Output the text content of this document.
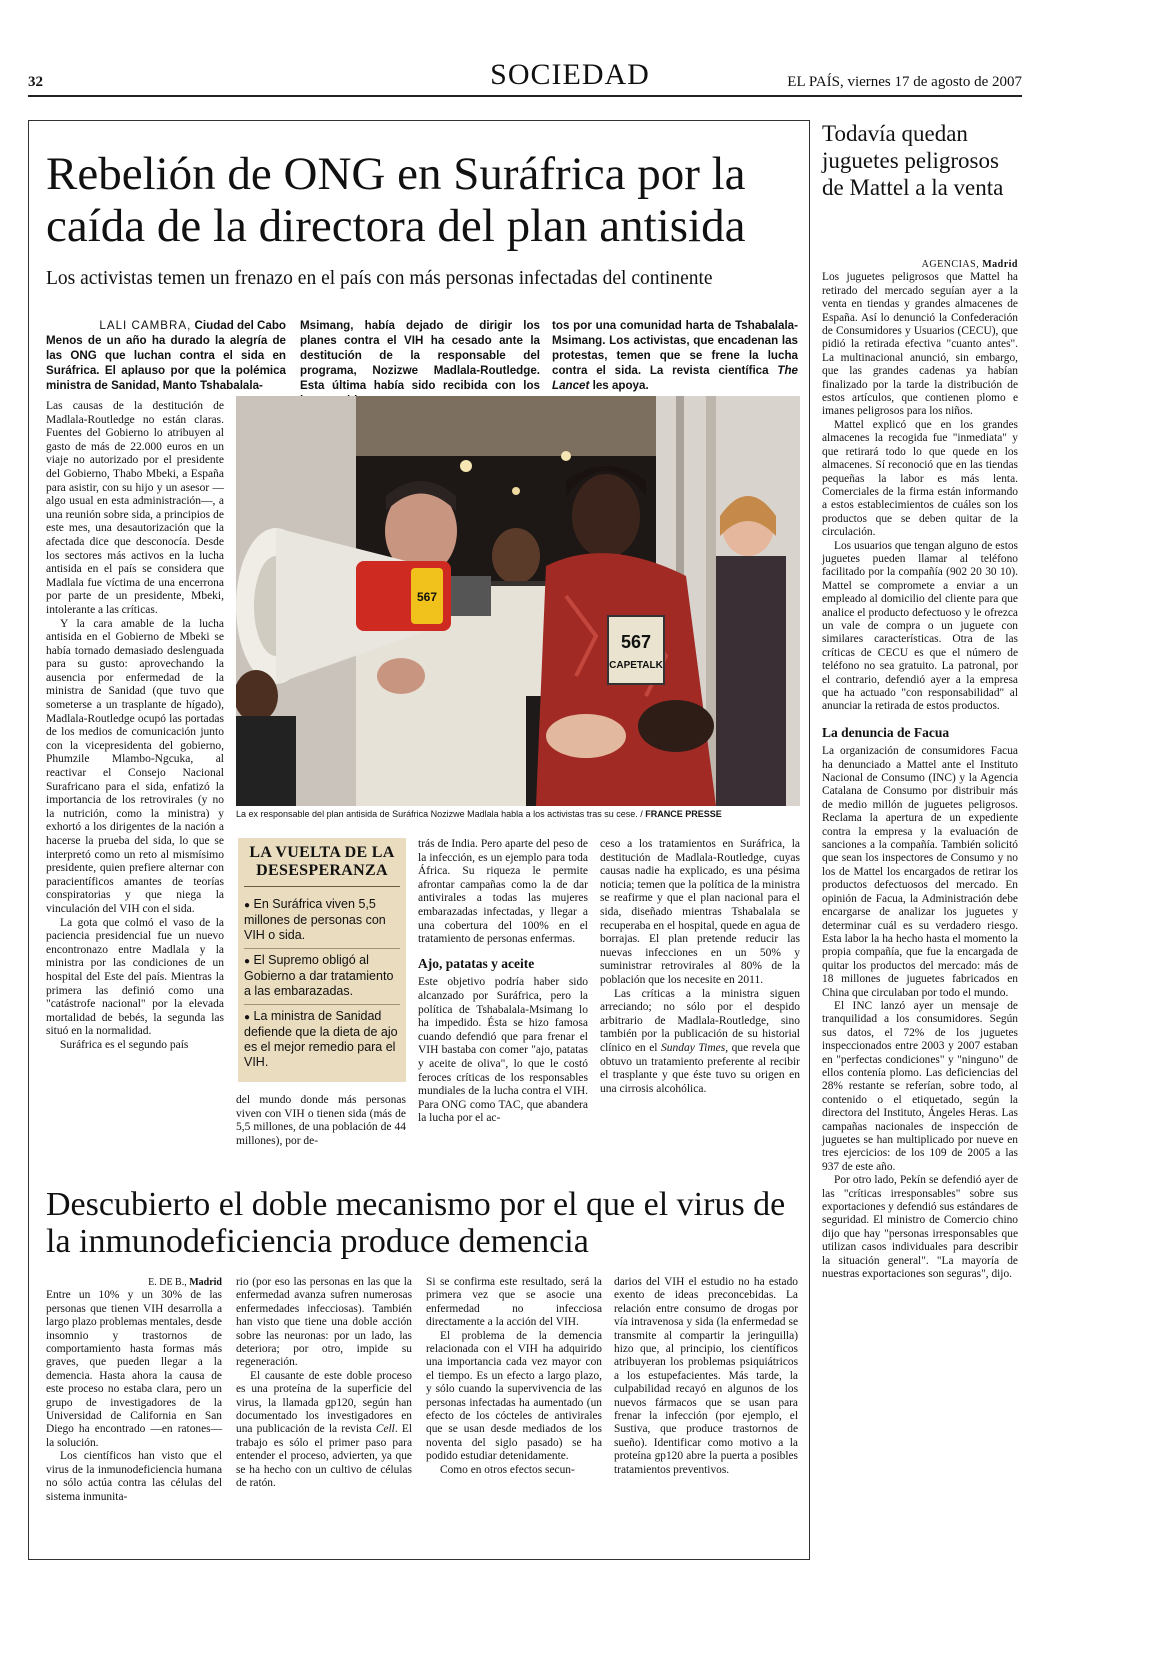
32	SOCIEDAD	EL PAÍS, viernes 17 de agosto de 2007
Rebelión de ONG en Suráfrica por la caída de la directora del plan antisida
Los activistas temen un frenazo en el país con más personas infectadas del continente
LALI CAMBRA, Ciudad del Cabo
Menos de un año ha durado la alegría de las ONG que luchan contra el sida en Suráfrica. El aplauso por que la polémica ministra de Sanidad, Manto Tshabalala-
Msimang, había dejado de dirigir los planes contra el VIH ha cesado ante la destitución de la responsable del programa, Nozizwe Madlala-Routledge. Esta última había sido recibida con los
tos por una comunidad harta de Tshabalala-Msimang. Los activistas, que encadenan las protestas, temen que se frene la lucha contra el sida. La revista científica The Lancet les apoya.

Las causas de la destitución de Madlala-Routledge no están claras. Fuentes del Gobierno lo atribuyen al gasto de más de 22.000 euros en un viaje no autorizado por el presidente del Gobierno, Thabo Mbeki, a España para asistir, con su hijo y un asesor —algo usual en esta administración—, a una reunión sobre sida, a principios de este mes, una desautorización que la afectada dice que desconocía. Desde los sectores más activos en la lucha antisida en el país se considera que Madlala fue víctima de una encerrona por parte de un presidente, Mbeki, intolerante a las críticas.

Y la cara amable de la lucha antisida en el Gobierno de Mbeki se había tornado demasiado deslenguada para su gusto: aprovechando la ausencia por enfermedad de la ministra de Sanidad (que tuvo que someterse a un trasplante de hígado), Madlala-Routledge ocupó las portadas de los medios de comunicación junto con la vicepresidenta del gobierno, Phumzile Mlambo-Ngcuka, al reactivar el Consejo Nacional Surafricano para el sida, enfatizó la importancia de los retrovirales (y no la nutrición, como la ministra) y exhortó a los dirigentes de la nación a hacerse la prueba del sida, lo que se interpretó como un reto al mismísimo presidente, quien prefiere alternar con paracientíficos amantes de teorías conspiratorias y que niega la vinculación del VIH con el sida.

La gota que colmó el vaso de la paciencia presidencial fue un nuevo encontronazo entre Madlala y la ministra por las condiciones de un hospital del Este del país. Mientras la primera las definió como una "catástrofe nacional" por la elevada mortalidad de bebés, la segunda las situó en la normalidad.

Suráfrica es el segundo país

567
567
CAPETALK
La ex responsable del plan antisida de Suráfrica Nozizwe Madlala habla a los activistas tras su cese. / FRANCE PRESSE
LA VUELTA DE LA DESESPERANZA
● En Suráfrica viven 5,5 millones de personas con VIH o sida.
● El Supremo obligó al Gobierno a dar tratamiento a las embarazadas.
● La ministra de Sanidad defiende que la dieta de ajo es el mejor remedio para el VIH.

del mundo donde más personas viven con VIH o tienen sida (más de 5,5 millones, de una población de 44 millones), por de-

trás de India. Pero aparte del peso de la infección, es un ejemplo para toda África. Su riqueza le permite afrontar campañas como la de dar antivirales a todas las mujeres embarazadas infectadas, y llegar a una cobertura del 100% en el tratamiento de personas enfermas.

Ajo, patatas y aceite

Este objetivo podría haber sido alcanzado por Suráfrica, pero la política de Tshabalala-Msimang lo ha impedido. Ésta se hizo famosa cuando defendió que para frenar el VIH bastaba con comer "ajo, patatas y aceite de oliva", lo que le costó feroces críticas de los responsables mundiales de la lucha contra el VIH. Para ONG como TAC, que abandera la lucha por el ac-

ceso a los tratamientos en Suráfrica, la destitución de Madlala-Routledge, cuyas causas nadie ha explicado, es una pésima noticia; temen que la política de la ministra se reafirme y que el plan nacional para el sida, diseñado mientras Tshabalala se recuperaba en el hospital, quede en agua de borrajas. El plan pretende reducir las nuevas infecciones en un 50% y suministrar retrovirales al 80% de la población que los necesite en 2011.

Las críticas a la ministra siguen arreciando; no sólo por el despido arbitrario de Madlala-Routledge, sino también por la publicación de su historial clínico en el Sunday Times, que revela que obtuvo un tratamiento preferente al recibir el trasplante y que éste tuvo su origen en una cirrosis alcohólica.

Descubierto el doble mecanismo por el que el virus de la inmunodeficiencia produce demencia
E. DE B., Madrid

Entre un 10% y un 30% de las personas que tienen VIH desarrolla a largo plazo problemas mentales, desde insomnio y trastornos de comportamiento hasta formas más graves, que pueden llegar a la demencia. Hasta ahora la causa de este proceso no estaba clara, pero un grupo de investigadores de la Universidad de California en San Diego ha encontrado —en ratones— la solución.

Los científicos han visto que el virus de la inmunodeficiencia humana no sólo actúa contra las células del sistema inmunita-

rio (por eso las personas en las que la enfermedad avanza sufren numerosas enfermedades infecciosas). También han visto que tiene una doble acción sobre las neuronas: por un lado, las deteriora; por otro, impide su regeneración.

El causante de este doble proceso es una proteína de la superficie del virus, la llamada gp120, según han documentado los investigadores en una publicación de la revista Cell. El trabajo es sólo el primer paso para entender el proceso, advierten, ya que se ha hecho con un cultivo de células de ratón.

Si se confirma este resultado, será la primera vez que se asocie una enfermedad no infecciosa directamente a la acción del VIH.

El problema de la demencia relacionada con el VIH ha adquirido una importancia cada vez mayor con el tiempo. Es un efecto a largo plazo, y sólo cuando la supervivencia de las personas infectadas ha aumentado (un efecto de los cócteles de antivirales que se usan desde mediados de los noventa del siglo pasado) se ha podido estudiar detenidamente.

Como en otros efectos secun-

darios del VIH el estudio no ha estado exento de ideas preconcebidas. La relación entre consumo de drogas por vía intravenosa y sida (la enfermedad se transmite al compartir la jeringuilla) hizo que, al principio, los científicos atribuyeran los problemas psiquiátricos a los estupefacientes. Más tarde, la culpabilidad recayó en algunos de los nuevos fármacos que se usan para frenar la infección (por ejemplo, el Sustiva, que produce trastornos de sueño). Identificar como motivo a la proteína gp120 abre la puerta a posibles tratamientos preventivos.

Todavía quedan juguetes peligrosos de Mattel a la venta
AGENCIAS, Madrid

Los juguetes peligrosos que Mattel ha retirado del mercado seguían ayer a la venta en tiendas y grandes almacenes de España. Así lo denunció la Confederación de Consumidores y Usuarios (CECU), que pidió la retirada efectiva "cuanto antes". La multinacional anunció, sin embargo, que las grandes cadenas ya habían finalizado por la tarde la distribución de estos artículos, que contienen plomo e imanes peligrosos para los niños.

Mattel explicó que en los grandes almacenes la recogida fue "inmediata" y que retirará todo lo que quede en los almacenes. Sí reconoció que en las tiendas pequeñas la labor es más lenta. Comerciales de la firma están informando a estos establecimientos de cuáles son los productos que se deben quitar de la circulación.

Los usuarios que tengan alguno de estos juguetes pueden llamar al teléfono facilitado por la compañía (902 20 30 10). Mattel se compromete a enviar a un empleado al domicilio del cliente para que analice el producto defectuoso y le ofrezca un vale de compra o un juguete con similares características. Otra de las críticas de CECU es que el número de teléfono no sea gratuito. La patronal, por el contrario, defendió ayer a la empresa que ha actuado "con responsabilidad" al anunciar la retirada de estos productos.

La denuncia de Facua

La organización de consumidores Facua ha denunciado a Mattel ante el Instituto Nacional de Consumo (INC) y la Agencia Catalana de Consumo por distribuir más de medio millón de juguetes peligrosos. Reclama la apertura de un expediente contra la empresa y la evaluación de sanciones a la compañía. También solicitó que sean los inspectores de Consumo y no los de Mattel los encargados de retirar los productos defectuosos del mercado. En opinión de Facua, la Administración debe encargarse de analizar los juguetes y determinar cuál es su verdadero riesgo. Esta labor la ha hecho hasta el momento la propia compañía, que fue la encargada de quitar los productos del mercado: más de 18 millones de juguetes fabricados en China que circulaban por todo el mundo.

El INC lanzó ayer un mensaje de tranquilidad a los consumidores. Según sus datos, el 72% de los juguetes inspeccionados entre 2003 y 2007 estaban en "perfectas condiciones" y "ninguno" de ellos contenía plomo. Las deficiencias del 28% restante se referían, sobre todo, al contenido o el etiquetado, según la directora del Instituto, Ángeles Heras. Las campañas nacionales de inspección de juguetes se han multiplicado por nueve en tres ejercicios: de los 109 de 2005 a las 937 de este año.

Por otro lado, Pekín se defendió ayer de las "críticas irresponsables" sobre sus exportaciones y defendió sus estándares de seguridad. El ministro de Comercio chino dijo que hay "personas irresponsables que utilizan casos individuales para describir la situación general". "La mayoría de nuestras exportaciones son seguras", dijo.
